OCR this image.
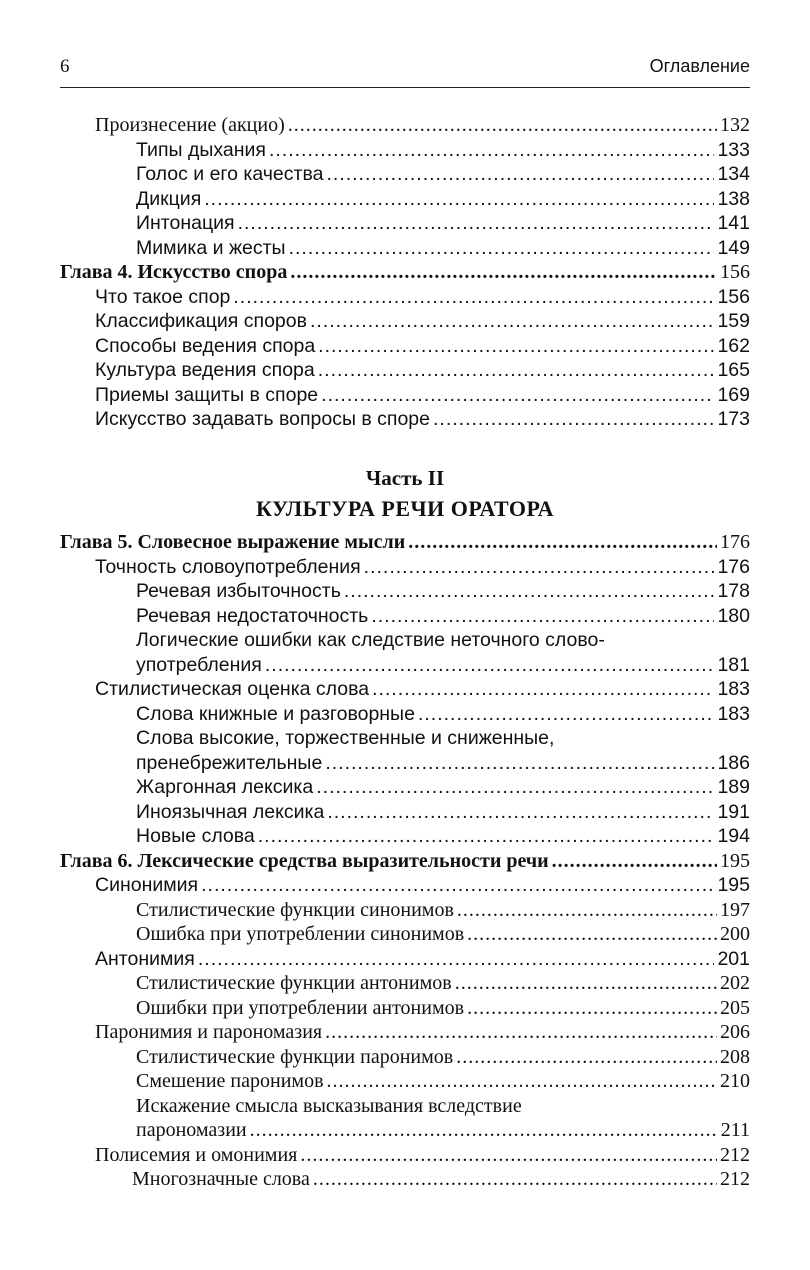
6	Оглавление
Произнесение (акцио) .....	132
Типы дыхания .....	133
Голос и его качества .....	134
Дикция .....	138
Интонация .....	141
Мимика и жесты .....	149
Глава 4. Искусство спора .....	156
Что такое спор .....	156
Классификация споров .....	159
Способы ведения спора .....	162
Культура ведения спора .....	165
Приемы защиты в споре .....	169
Искусство задавать вопросы в споре .....	173
Часть II
КУЛЬТУРА РЕЧИ ОРАТОРА
Глава 5. Словесное выражение мысли .....	176
Точность словоупотребления .....	176
Речевая избыточность .....	178
Речевая недостаточность .....	180
Логические ошибки как следствие неточного слово-
употребления .....	181
Стилистическая оценка слова .....	183
Слова книжные и разговорные .....	183
Слова высокие, торжественные и сниженные,
пренебрежительные .....	186
Жаргонная лексика .....	189
Иноязычная лексика .....	191
Новые слова .....	194
Глава 6. Лексические средства выразительности речи .....	195
Синонимия .....	195
Стилистические функции синонимов .....	197
Ошибка при употреблении синонимов .....	200
Антонимия .....	201
Стилистические функции антонимов .....	202
Ошибки при употреблении антонимов .....	205
Паронимия и парономазия .....	206
Стилистические функции паронимов .....	208
Смешение паронимов .....	210
Искажение смысла высказывания вследствие
парономазии .....	211
Полисемия и омонимия .....	212
Многозначные слова .....	212
